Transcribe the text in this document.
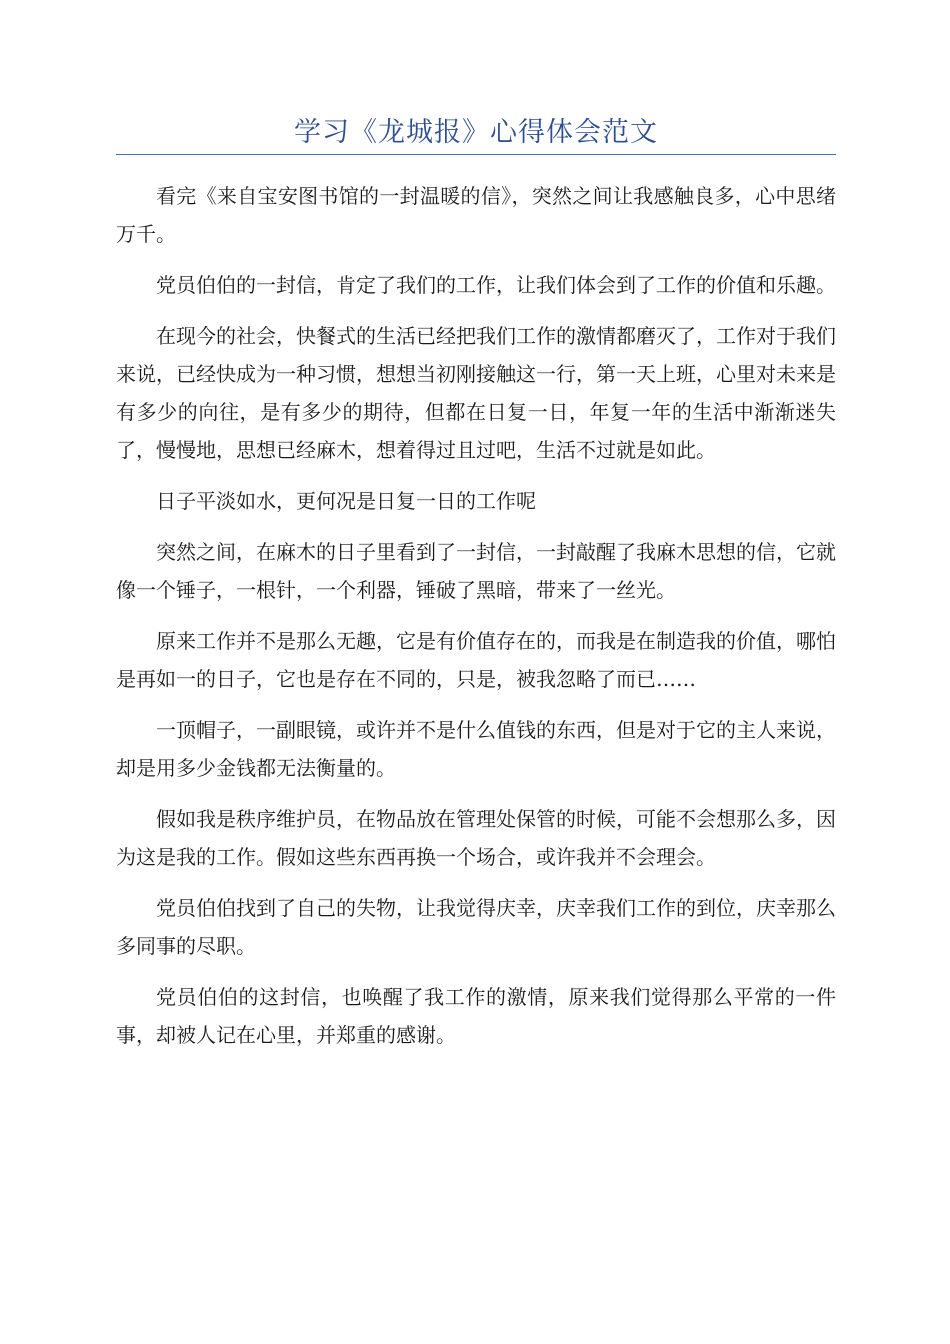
学习《龙城报》心得体会范文

看完《来自宝安图书馆的一封温暖的信》，突然之间让我感触良多，心中思绪万千。

党员伯伯的一封信，肯定了我们的工作，让我们体会到了工作的价值和乐趣。

在现今的社会，快餐式的生活已经把我们工作的激情都磨灭了，工作对于我们来说，已经快成为一种习惯，想想当初刚接触这一行，第一天上班，心里对未来是有多少的向往，是有多少的期待，但都在日复一日，年复一年的生活中渐渐迷失了，慢慢地，思想已经麻木，想着得过且过吧，生活不过就是如此。

日子平淡如水，更何况是日复一日的工作呢

突然之间，在麻木的日子里看到了一封信，一封敲醒了我麻木思想的信，它就像一个锤子，一根针，一个利器，锤破了黑暗，带来了一丝光。

原来工作并不是那么无趣，它是有价值存在的，而我是在制造我的价值，哪怕是再如一的日子，它也是存在不同的，只是，被我忽略了而已……

一顶帽子，一副眼镜，或许并不是什么值钱的东西，但是对于它的主人来说，却是用多少金钱都无法衡量的。

假如我是秩序维护员，在物品放在管理处保管的时候，可能不会想那么多，因为这是我的工作。假如这些东西再换一个场合，或许我并不会理会。

党员伯伯找到了自己的失物，让我觉得庆幸，庆幸我们工作的到位，庆幸那么多同事的尽职。

党员伯伯的这封信，也唤醒了我工作的激情，原来我们觉得那么平常的一件事，却被人记在心里，并郑重的感谢。
